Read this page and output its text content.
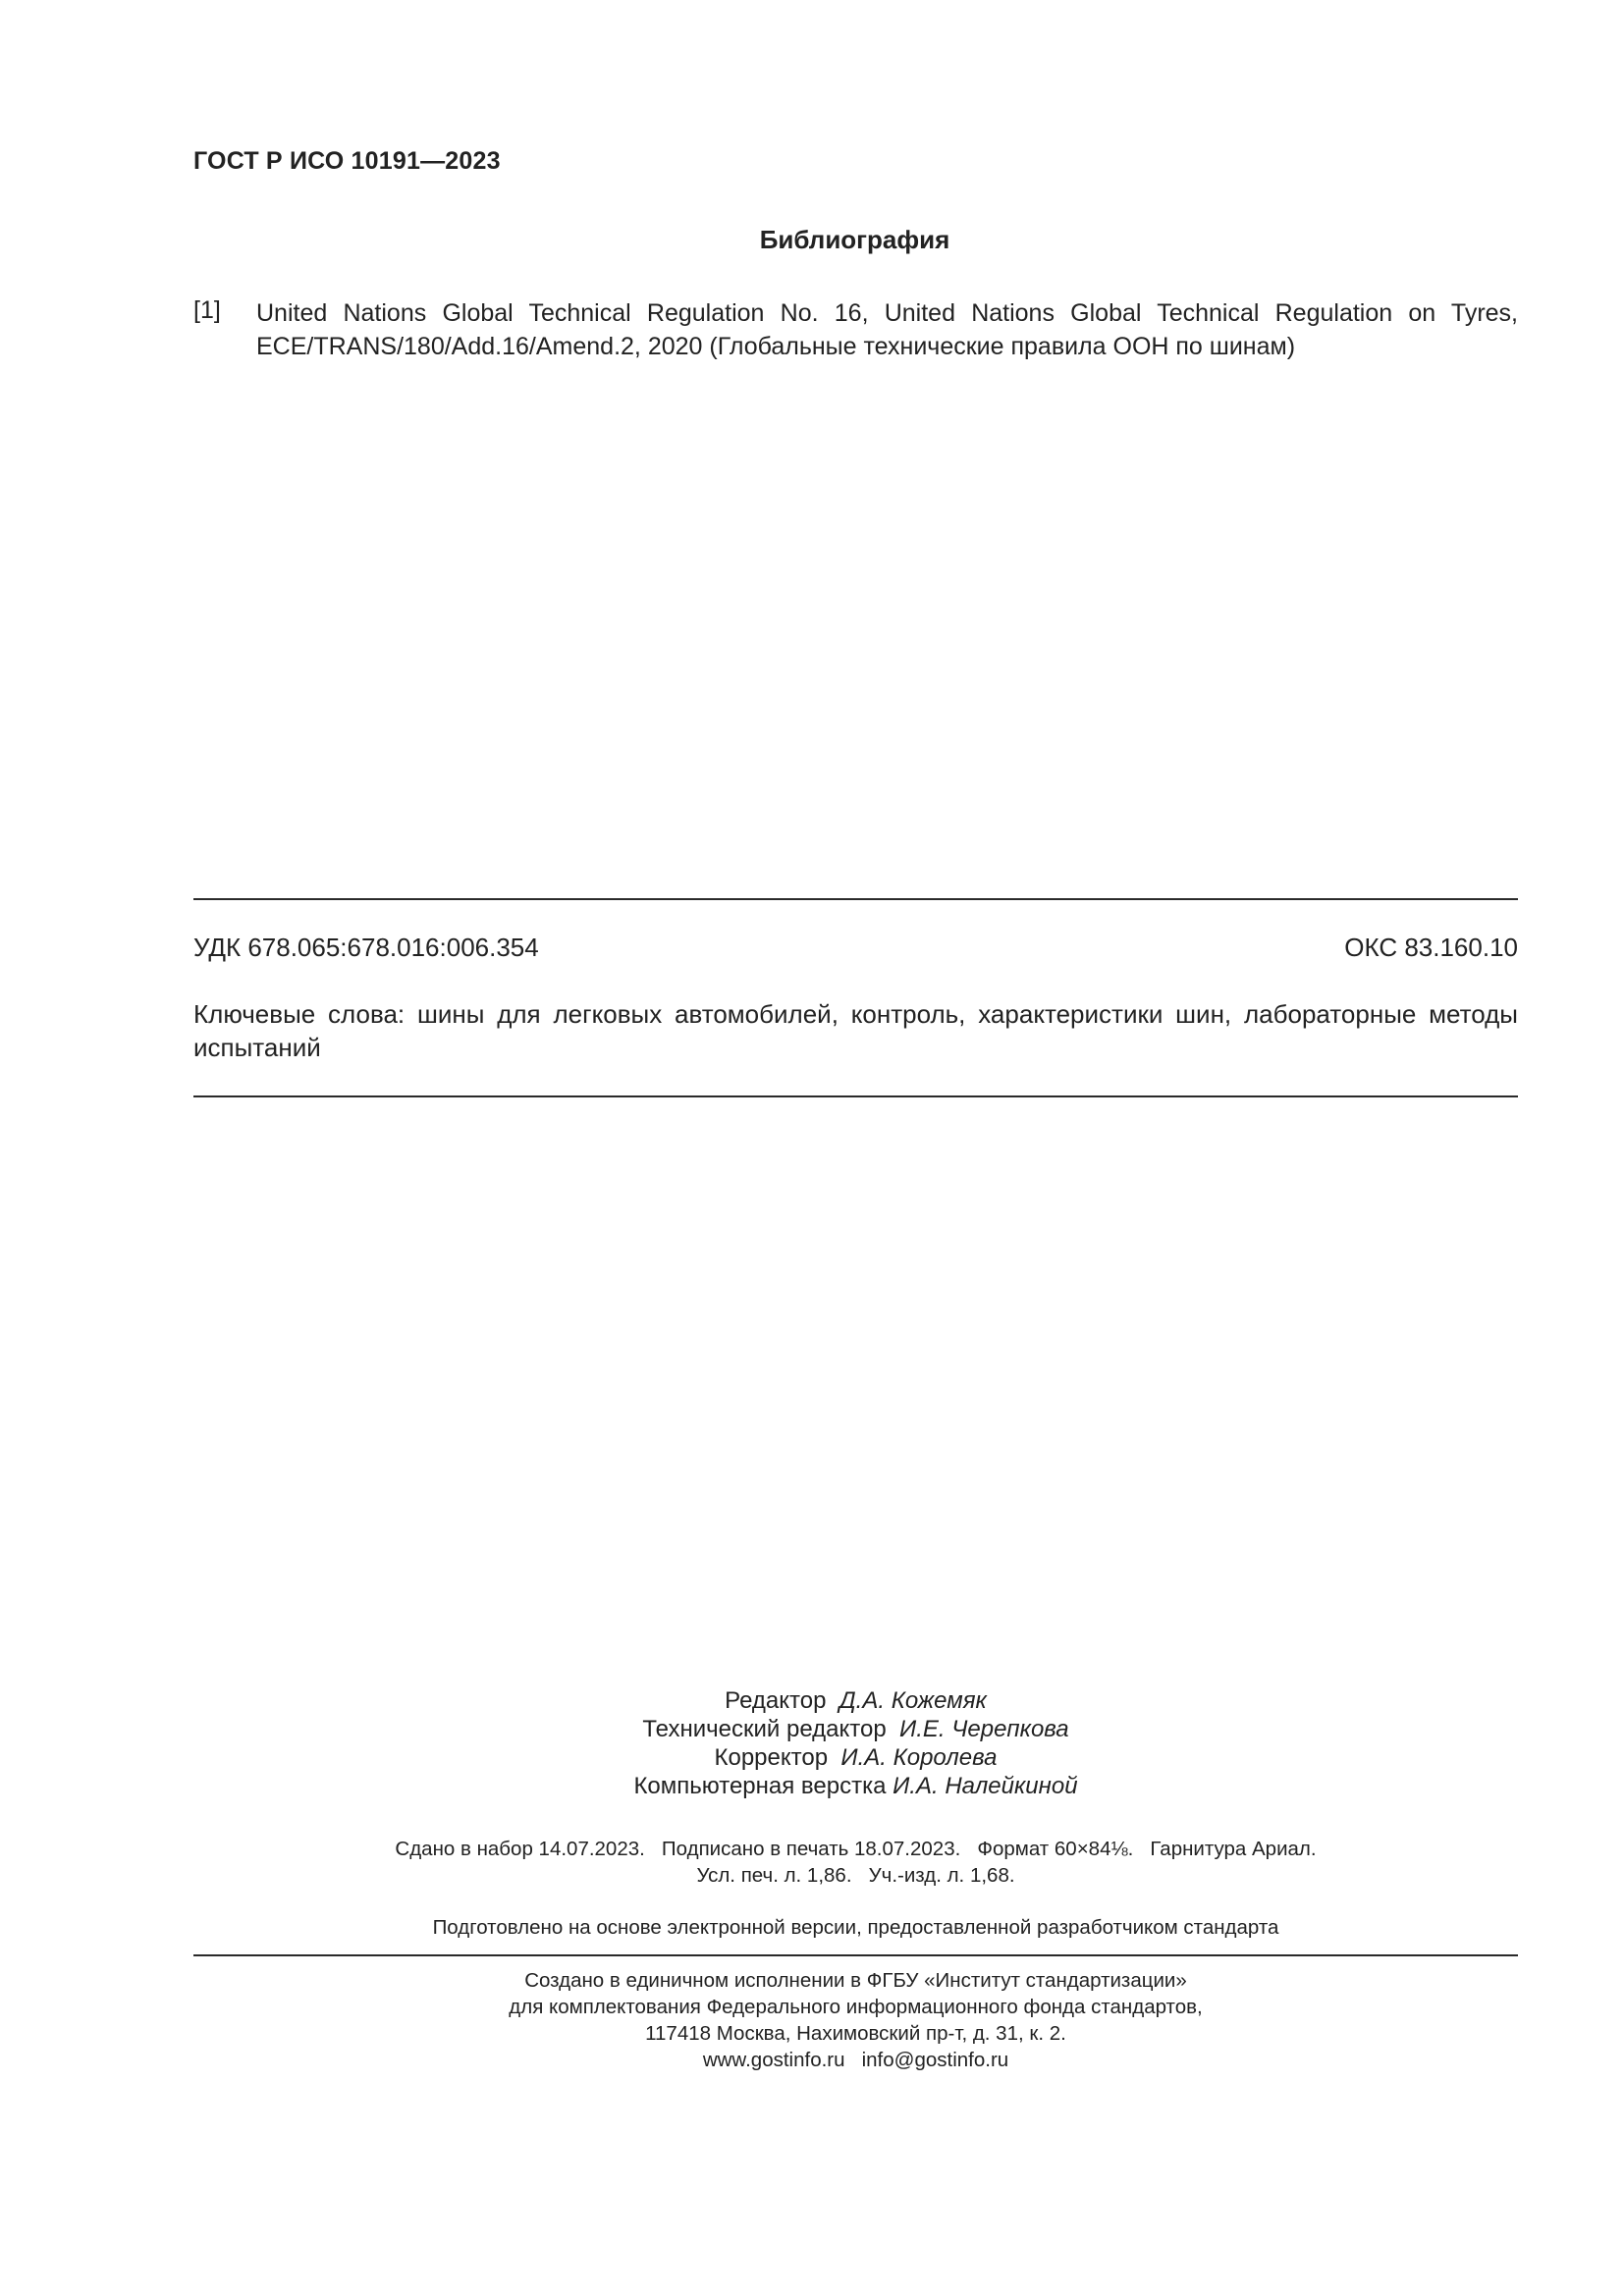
ГОСТ Р ИСО 10191—2023
Библиография
[1] United Nations Global Technical Regulation No. 16, United Nations Global Technical Regulation on Tyres, ECE/TRANS/180/Add.16/Amend.2, 2020 (Глобальные технические правила ООН по шинам)
УДК 678.065:678.016:006.354	ОКС 83.160.10
Ключевые слова: шины для легковых автомобилей, контроль, характеристики шин, лабораторные методы испытаний
Редактор Д.А. Кожемяк
Технический редактор И.Е. Черепкова
Корректор И.А. Королева
Компьютерная верстка И.А. Налейкиной
Сдано в набор 14.07.2023.   Подписано в печать 18.07.2023.   Формат 60×84⅛.   Гарнитура Ариал.
Усл. печ. л. 1,86.   Уч.-изд. л. 1,68.
Подготовлено на основе электронной версии, предоставленной разработчиком стандарта
Создано в единичном исполнении в ФГБУ «Институт стандартизации»
для комплектования Федерального информационного фонда стандартов,
117418 Москва, Нахимовский пр-т, д. 31, к. 2.
www.gostinfo.ru   info@gostinfo.ru
